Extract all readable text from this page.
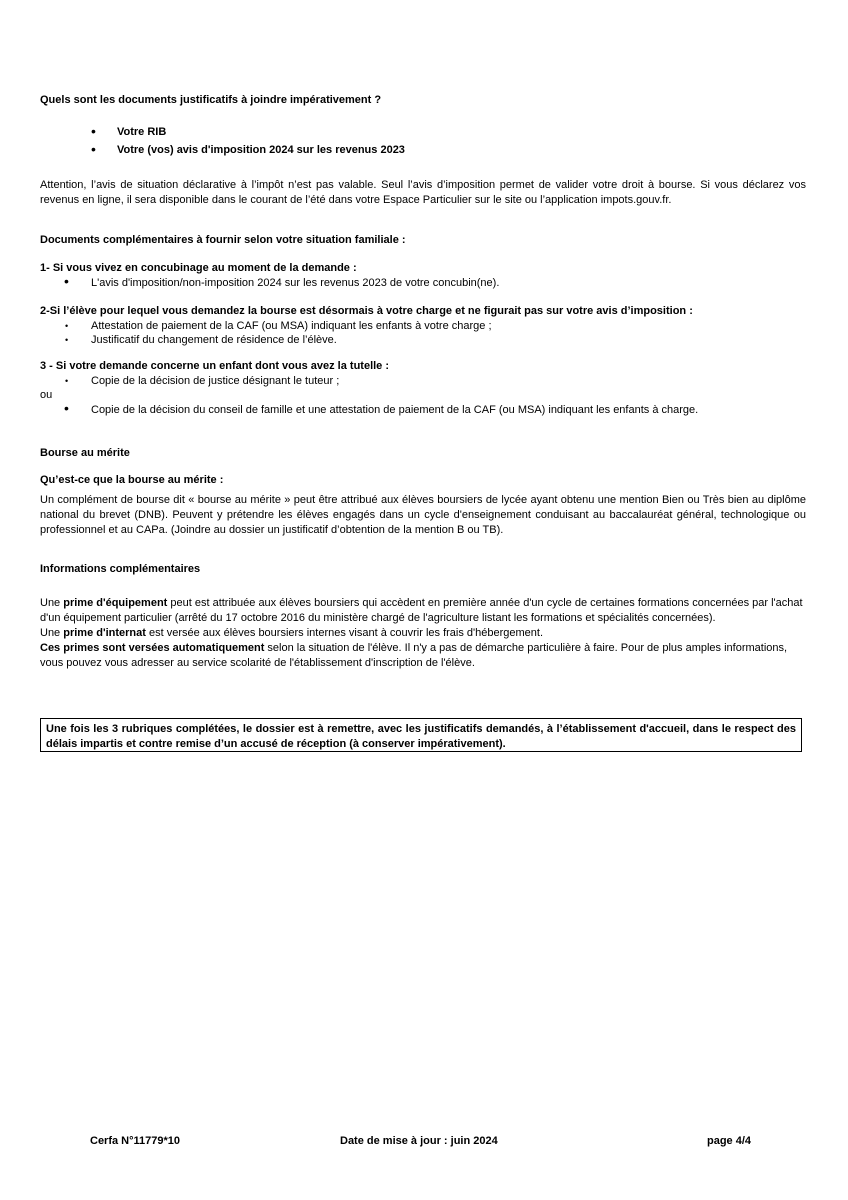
Quels sont les documents justificatifs à joindre impérativement ?
• Votre RIB
• Votre (vos) avis d'imposition 2024 sur les revenus 2023
Attention, l’avis de situation déclarative à l’impôt n’est pas valable. Seul l’avis d’imposition permet de valider votre droit à bourse. Si vous déclarez vos revenus en ligne, il sera disponible dans le courant de l’été dans votre Espace Particulier sur le site ou l’application impots.gouv.fr.
Documents complémentaires à fournir selon votre situation familiale :
1- Si vous vivez en concubinage au moment de la demande :
• L'avis d'imposition/non-imposition 2024 sur les revenus 2023 de votre concubin(ne).
2-Si l’élève pour lequel vous demandez la bourse est désormais à votre charge et ne figurait pas sur votre avis d’imposition :
• Attestation de paiement de la CAF (ou MSA) indiquant les enfants à votre charge ;
• Justificatif du changement de résidence de l’élève.
3 - Si votre demande concerne un enfant dont vous avez la tutelle :
• Copie de la décision de justice désignant le tuteur ;
ou
• Copie de la décision du conseil de famille et une attestation de paiement de la CAF (ou MSA) indiquant les enfants à charge.
Bourse au mérite
Qu’est-ce que la bourse au mérite :
Un complément de bourse dit « bourse au mérite » peut être attribué aux élèves boursiers de lycée ayant obtenu une mention Bien ou Très bien au diplôme national du brevet (DNB). Peuvent y prétendre les élèves engagés dans un cycle d'enseignement conduisant au baccalauréat général, technologique ou professionnel et au CAPa. (Joindre au dossier un justificatif d’obtention de la mention B ou TB).
Informations complémentaires
Une prime d'équipement peut est attribuée aux élèves boursiers qui accèdent en première année d'un cycle de certaines formations concernées par l'achat d'un équipement particulier (arrêté du 17 octobre 2016 du ministère chargé de l'agriculture listant les formations et spécialités concernées).
Une prime d'internat est versée aux élèves boursiers internes visant à couvrir les frais d'hébergement.
Ces primes sont versées automatiquement selon la situation de l'élève. Il n'y a pas de démarche particulière à faire. Pour de plus amples informations, vous pouvez vous adresser au service scolarité de l'établissement d'inscription de l'élève.
Une fois les 3 rubriques complétées, le dossier est à remettre, avec les justificatifs demandés, à l’établissement d'accueil, dans le respect des délais impartis et contre remise d’un accusé de réception (à conserver impérativement).
Cerfa N°11779*10	Date de mise à jour : juin 2024	page 4/4
